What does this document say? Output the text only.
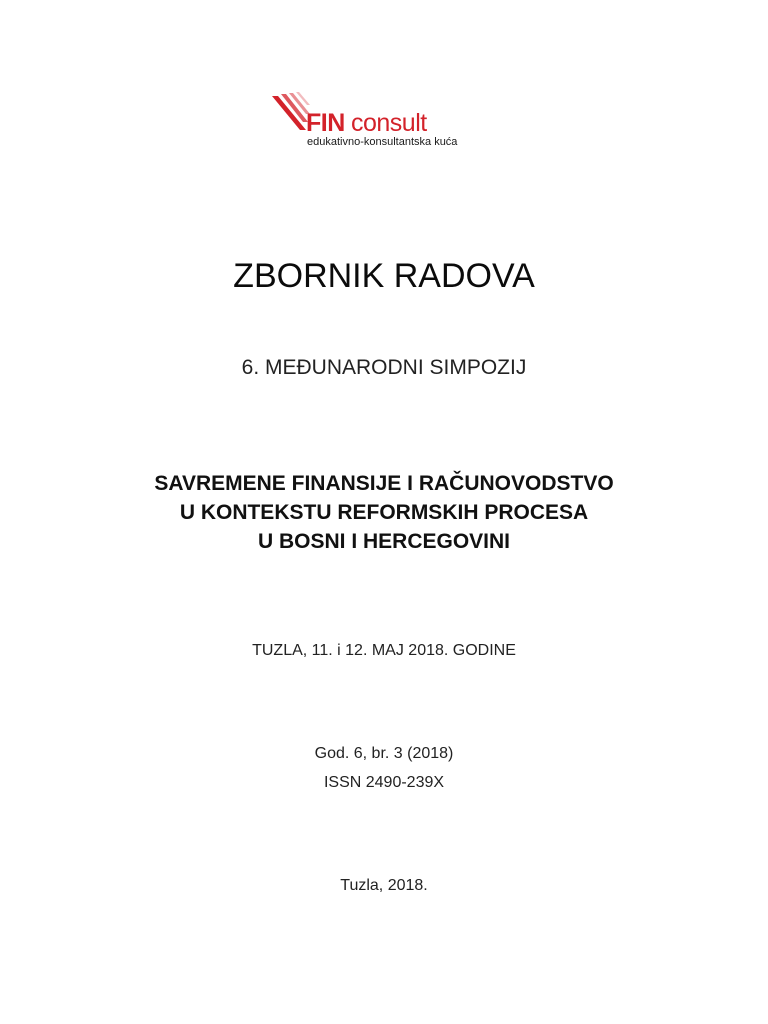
FIN consult
edukativno-konsultantska kuća
ZBORNIK RADOVA
6. MEĐUNARODNI SIMPOZIJ
SAVREMENE FINANSIJE I RAČUNOVODSTVO
U KONTEKSTU REFORMSKIH PROCESA
U BOSNI I HERCEGOVINI
TUZLA, 11. i 12. MAJ 2018. GODINE
God. 6, br. 3 (2018)
ISSN 2490-239X
Tuzla, 2018.
